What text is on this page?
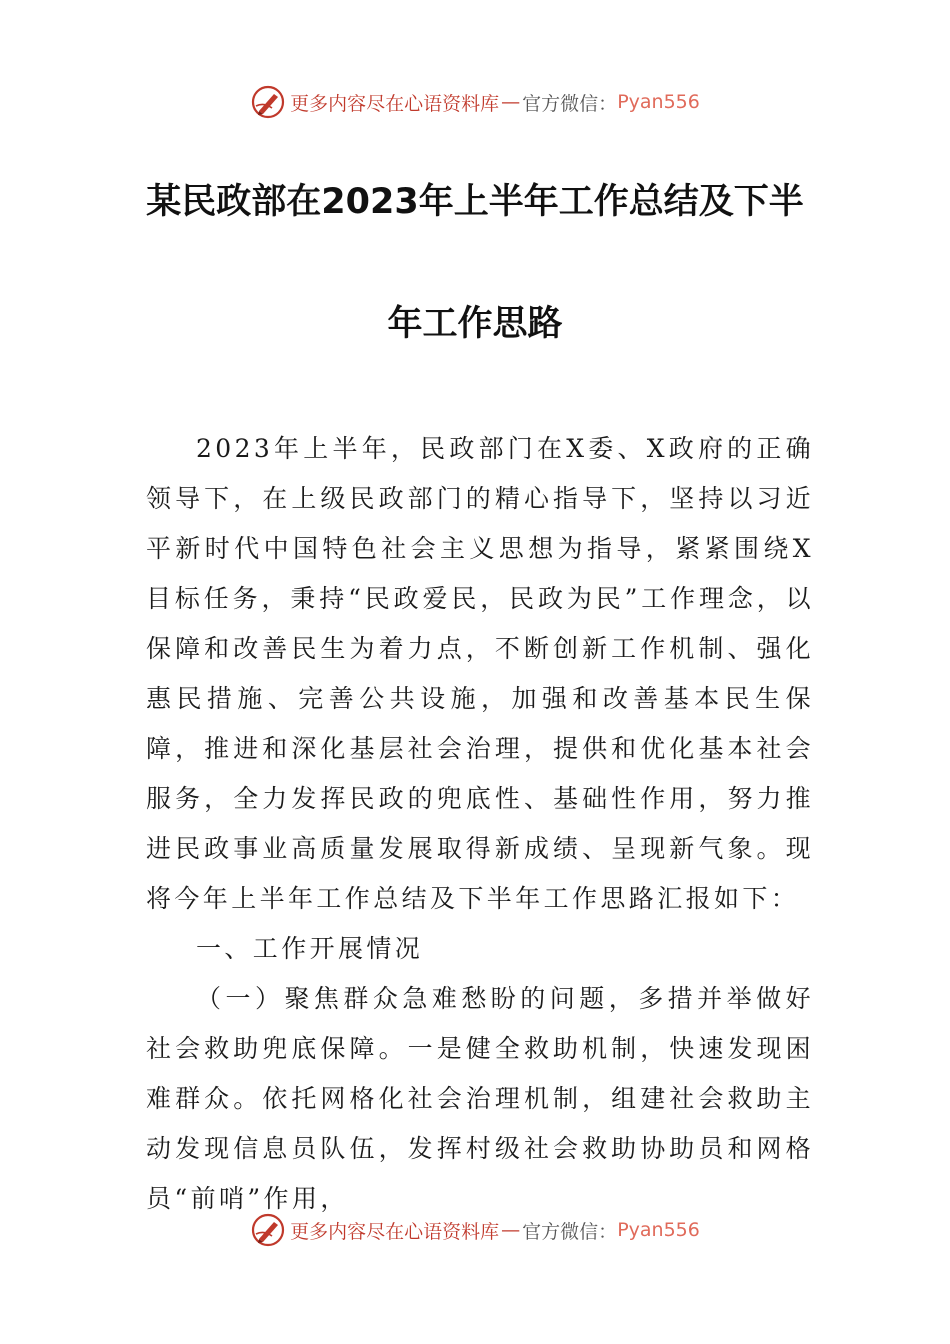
更多内容尽在心语资料库 — 官方微信： Pyan556
某民政部在2023年上半年工作总结及下半
年工作思路

2023年上半年，民政部门在X委、X政府的正确领导下，在上级民政部门的精心指导下，坚持以习近平新时代中国特色社会主义思想为指导，紧紧围绕X目标任务，秉持“民政爱民，民政为民”工作理念，以保障和改善民生为着力点，不断创新工作机制、强化惠民措施、完善公共设施，加强和改善基本民生保障，推进和深化基层社会治理，提供和优化基本社会服务，全力发挥民政的兜底性、基础性作用，努力推进民政事业高质量发展取得新成绩、呈现新气象。现将今年上半年工作总结及下半年工作思路汇报如下：

一、工作开展情况

（一）聚焦群众急难愁盼的问题，多措并举做好社会救助兜底保障。一是健全救助机制，快速发现困难群众。依托网格化社会治理机制，组建社会救助主动发现信息员队伍，发挥村级社会救助协助员和网格员“前哨”作用，

更多内容尽在心语资料库 — 官方微信： Pyan556
